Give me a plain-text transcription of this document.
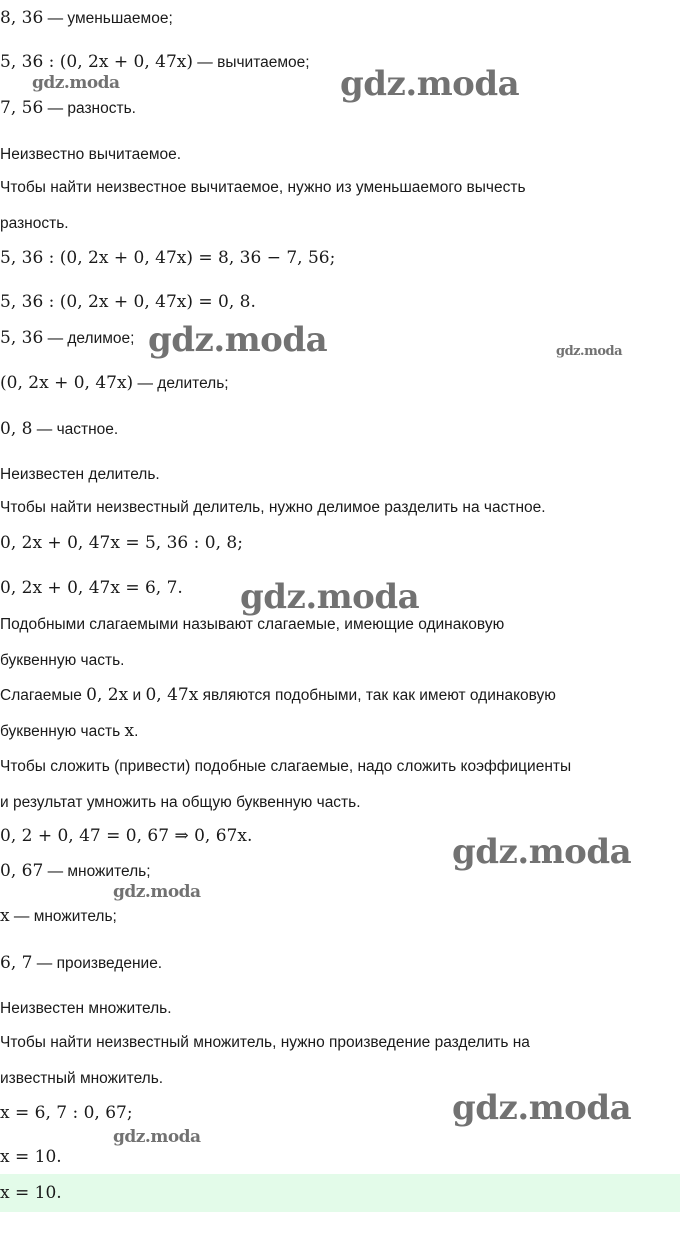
8, 36 — уменьшаемое;
5, 36 : (0, 2x + 0, 47x) — вычитаемое;
7, 56 — разность.
Неизвестно вычитаемое.
Чтобы найти неизвестное вычитаемое, нужно из уменьшаемого вычесть
разность.
5, 36 : (0, 2x + 0, 47x) = 8, 36 − 7, 56;
5, 36 : (0, 2x + 0, 47x) = 0, 8.
5, 36 — делимое;
(0, 2x + 0, 47x) — делитель;
0, 8 — частное.
Неизвестен делитель.
Чтобы найти неизвестный делитель, нужно делимое разделить на частное.
0, 2x + 0, 47x = 5, 36 : 0, 8;
0, 2x + 0, 47x = 6, 7.
Подобными слагаемыми называют слагаемые, имеющие одинаковую
буквенную часть.
Слагаемые 0, 2x и 0, 47x являются подобными, так как имеют одинаковую
буквенную часть x.
Чтобы сложить (привести) подобные слагаемые, надо сложить коэффициенты
и результат умножить на общую буквенную часть.
0, 2 + 0, 47 = 0, 67 ⇒ 0, 67x.
0, 67 — множитель;
x — множитель;
6, 7 — произведение.
Неизвестен множитель.
Чтобы найти неизвестный множитель, нужно произведение разделить на
известный множитель.
x = 6, 7 : 0, 67;
x = 10.
x = 10.
gdz.moda	gdz.moda
gdz.moda	gdz.moda
gdz.moda
gdz.moda
gdz.moda
gdz.moda
gdz.moda
